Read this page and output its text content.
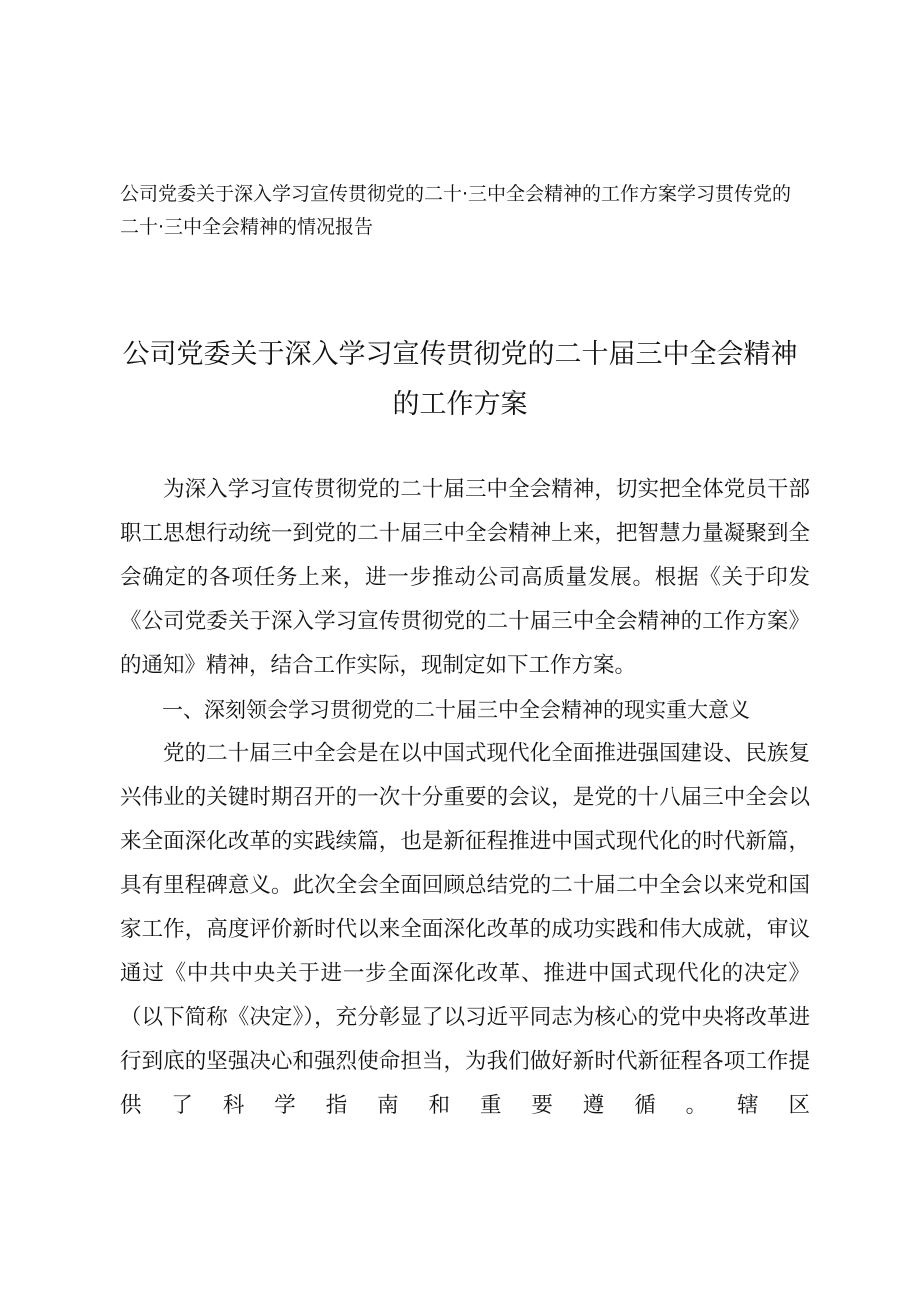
公司党委关于深入学习宣传贯彻党的二十·三中全会精神的工作方案学习贯传党的二十·三中全会精神的情况报告
公司党委关于深入学习宣传贯彻党的二十届三中全会精神的工作方案

为深入学习宣传贯彻党的二十届三中全会精神，切实把全体党员干部职工思想行动统一到党的二十届三中全会精神上来，把智慧力量凝聚到全会确定的各项任务上来，进一步推动公司高质量发展。根据《关于印发《公司党委关于深入学习宣传贯彻党的二十届三中全会精神的工作方案》的通知》精神，结合工作实际，现制定如下工作方案。

一、深刻领会学习贯彻党的二十届三中全会精神的现实重大意义

党的二十届三中全会是在以中国式现代化全面推进强国建设、民族复兴伟业的关键时期召开的一次十分重要的会议，是党的十八届三中全会以来全面深化改革的实践续篇，也是新征程推进中国式现代化的时代新篇，具有里程碑意义。此次全会全面回顾总结党的二十届二中全会以来党和国家工作，高度评价新时代以来全面深化改革的成功实践和伟大成就，审议通过《中共中央关于进一步全面深化改革、推进中国式现代化的决定》（以下简称《决定》），充分彰显了以习近平同志为核心的党中央将改革进行到底的坚强决心和强烈使命担当，为我们做好新时代新征程各项工作提供了科学指南和重要遵循。辖区
